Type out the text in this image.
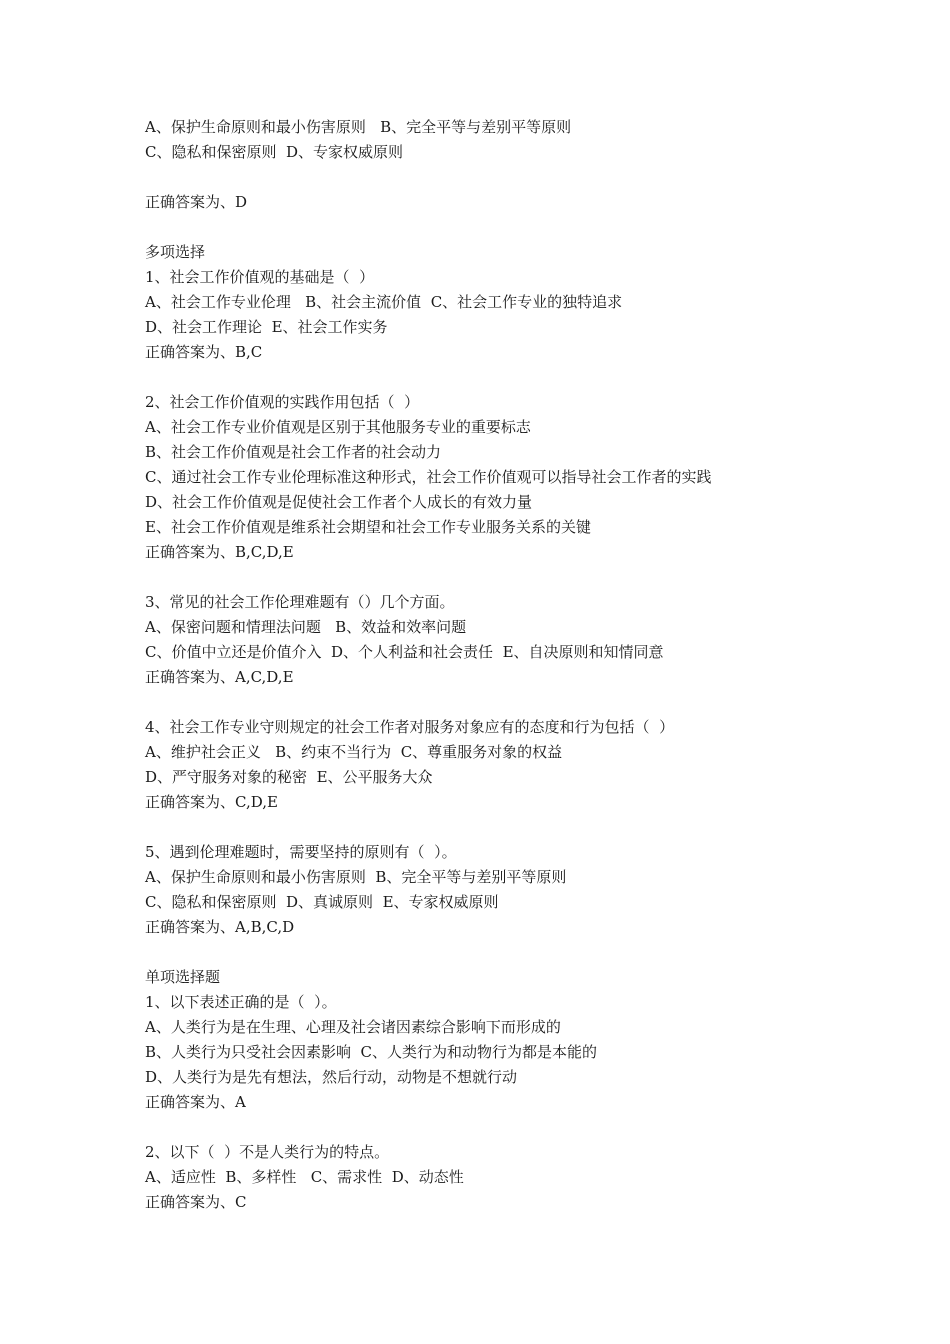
A、保护生命原则和最小伤害原则   B、完全平等与差别平等原则
C、隐私和保密原则  D、专家权威原则
正确答案为、D
多项选择
1、社会工作价值观的基础是（  ）
A、社会工作专业伦理   B、社会主流价值  C、社会工作专业的独特追求
D、社会工作理论  E、社会工作实务
正确答案为、B,C
2、社会工作价值观的实践作用包括（  ）
A、社会工作专业价值观是区别于其他服务专业的重要标志
B、社会工作价值观是社会工作者的社会动力
C、通过社会工作专业伦理标准这种形式，社会工作价值观可以指导社会工作者的实践
D、社会工作价值观是促使社会工作者个人成长的有效力量
E、社会工作价值观是维系社会期望和社会工作专业服务关系的关键
正确答案为、B,C,D,E
3、常见的社会工作伦理难题有（）几个方面。
A、保密问题和情理法问题   B、效益和效率问题
C、价值中立还是价值介入  D、个人利益和社会责任  E、自决原则和知情同意
正确答案为、A,C,D,E
4、社会工作专业守则规定的社会工作者对服务对象应有的态度和行为包括（  ）
A、维护社会正义   B、约束不当行为  C、尊重服务对象的权益
D、严守服务对象的秘密  E、公平服务大众
正确答案为、C,D,E
5、遇到伦理难题时，需要坚持的原则有（  ）。
A、保护生命原则和最小伤害原则  B、完全平等与差别平等原则
C、隐私和保密原则  D、真诚原则  E、专家权威原则
正确答案为、A,B,C,D
单项选择题
1、以下表述正确的是（  ）。
A、人类行为是在生理、心理及社会诸因素综合影响下而形成的
B、人类行为只受社会因素影响  C、人类行为和动物行为都是本能的
D、人类行为是先有想法，然后行动，动物是不想就行动
正确答案为、A
2、以下（  ）不是人类行为的特点。
A、适应性  B、多样性   C、需求性  D、动态性
正确答案为、C
